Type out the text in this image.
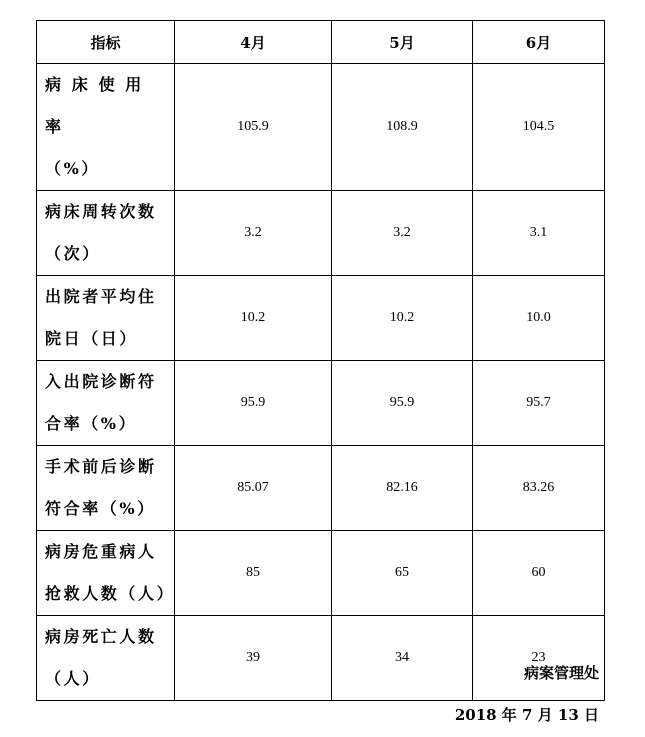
指标	4月	5月	6月

病 床 使 用 率
（%）	105.9	108.9	104.5

病床周转次数
（次）	3.2	3.2	3.1

出院者平均住
院日（日）	10.2	10.2	10.0

入出院诊断符
合率（%）	95.9	95.9	95.7

手术前后诊断
符合率（%）	85.07	82.16	83.26

病房危重病人
抢救人数（人）	85	65	60

病房死亡人数
（人）	39	34	23
病案管理处
2018 年 7 月 13 日
